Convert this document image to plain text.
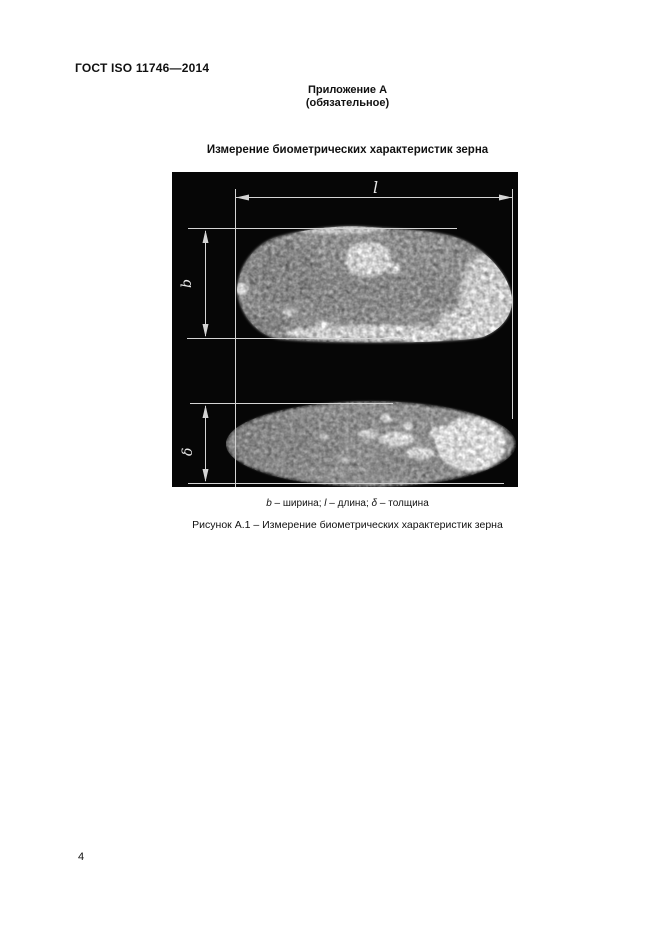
ГОСТ ISO 11746—2014
Приложение А
(обязательное)
Измерение биометрических характеристик зерна
l
b
δ
b – ширина; l – длина; δ – толщина
Рисунок А.1 – Измерение биометрических характеристик зерна
4
